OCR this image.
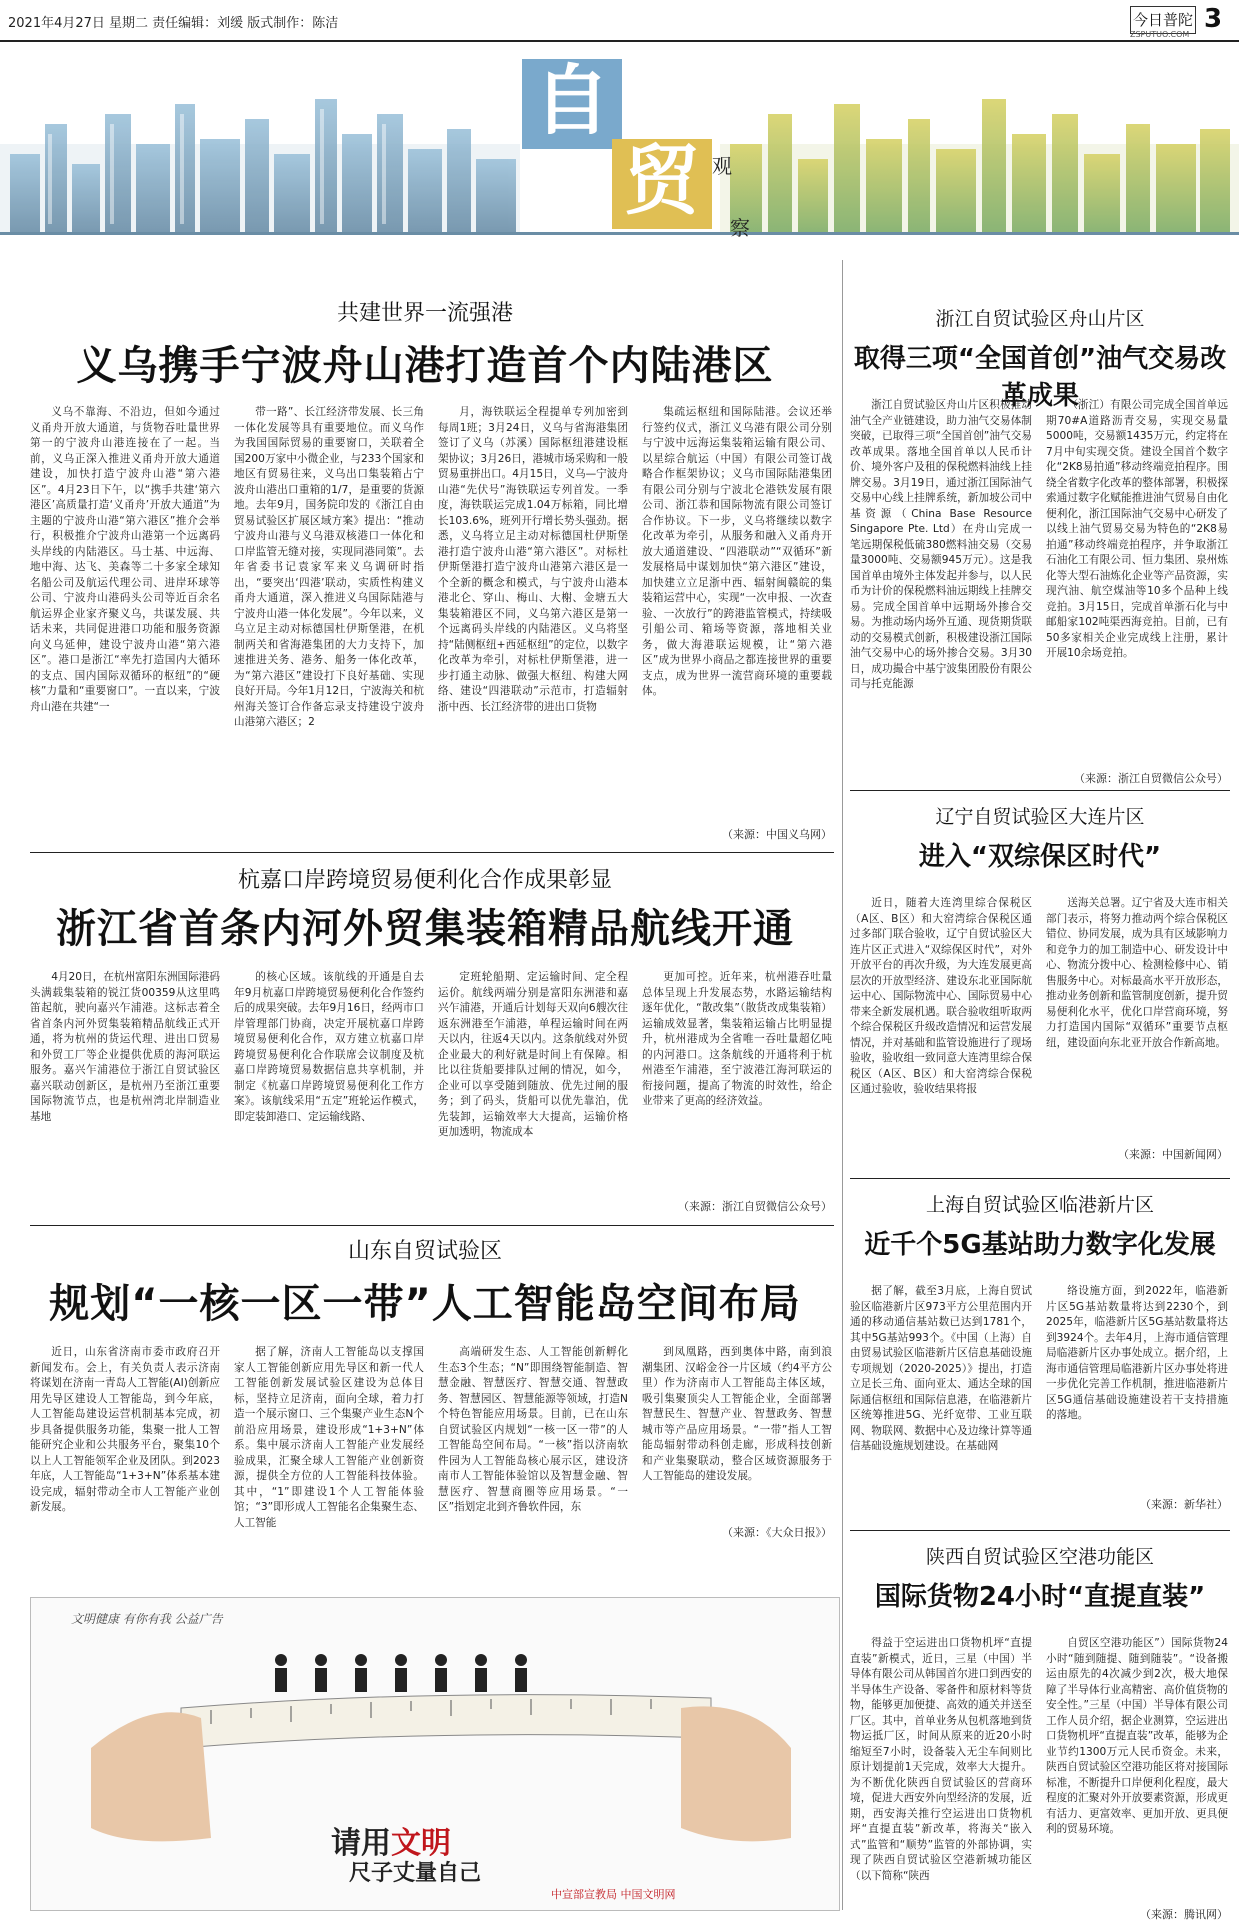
2021年4月27日 星期二 责任编辑：刘缓 版式制作：陈洁	今日普陀
ZSPUTUO.COM
3
自
贸 观
察
共建世界一流强港
义乌携手宁波舟山港打造首个内陆港区

义乌不靠海、不沿边，但如今通过义甬舟开放大通道，与货物吞吐量世界第一的宁波舟山港连接在了一起。当前，义乌正深入推进义甬舟开放大通道建设，加快打造宁波舟山港“第六港区”。4月23日下午，以“携手共建‘第六港区’高质量打造‘义甬舟’开放大通道”为主题的宁波舟山港“第六港区”推介会举行，积极推介宁波舟山港第一个远离码头岸线的内陆港区。马士基、中远海、地中海、达飞、美森等二十多家全球知名船公司及航运代理公司、进岸环球等公司、宁波舟山港码头公司等近百余名航运界企业家齐聚义乌，共谋发展、共话未来，共同促进港口功能和服务资源向义乌延伸，建设宁波舟山港“第六港区”。港口是浙江“率先打造国内大循环的支点、国内国际双循环的枢纽”的“硬核”力量和“重要窗口”。一直以来，宁波舟山港在共建“一

带一路”、长江经济带发展、长三角一体化发展等具有重要地位。而义乌作为我国国际贸易的重要窗口，关联着全国200万家中小微企业，与233个国家和地区有贸易往来，义乌出口集装箱占宁波舟山港出口重箱的1/7，是重要的货源地。去年9月，国务院印发的《浙江自由贸易试验区扩展区域方案》提出：“推动宁波舟山港与义乌港双核港口一体化和口岸监管无缝对接，实现同港同策”。去年省委书记袁家军来义乌调研时指出，“要突出‘四港’联动，实质性构建义甬舟大通道，深入推进义乌国际陆港与宁波舟山港一体化发展”。今年以来，义乌立足主动对标德国杜伊斯堡港，在机制两关和省海港集团的大力支持下，加速推进关务、港务、船务一体化改革，为“第六港区”建设打下良好基础、实现良好开局。今年1月12日，宁波海关和杭州海关签订合作备忘录支持建设宁波舟山港第六港区；2

月，海铁联运全程提单专列加密到每周1班；3月24日，义乌与省海港集团签订了义乌（苏溪）国际枢纽港建设框架协议；3月26日，港城市场采购和一般贸易重拼出口。4月15日，义乌—宁波舟山港“先伏号”海铁联运专列首发。一季度，海铁联运完成1.04万标箱，同比增长103.6%，班列开行增长势头强劲。据悉，义乌将立足主动对标德国杜伊斯堡港打造宁波舟山港“第六港区”。对标杜伊斯堡港打造宁波舟山港第六港区是一个全新的概念和模式，与宁波舟山港本港北仑、穿山、梅山、大榭、金塘五大集装箱港区不同，义乌第六港区是第一个远离码头岸线的内陆港区。义乌将坚持“陆侧枢纽+西延枢纽”的定位，以数字化改革为牵引，对标杜伊斯堡港，进一步打通主动脉、做强大枢纽、构建大网络、建设“四港联动”示范市，打造辐射浙中西、长江经济带的进出口货物

集疏运枢纽和国际陆港。会议还举行签约仪式，浙江义乌港有限公司分别与宁波中远海运集装箱运输有限公司、以星综合航运（中国）有限公司签订战略合作框架协议；义乌市国际陆港集团有限公司分别与宁波北仑港铁发展有限公司、浙江恭和国际物流有限公司签订合作协议。下一步，义乌将继续以数字化改革为牵引，从服务和融入义甬舟开放大通道建设、“四港联动”“双循环”新发展格局中谋划加快“第六港区”建设，加快建立立足浙中西、辐射闽赣皖的集装箱运营中心，实现“一次申报、一次查验、一次放行”的跨港监管模式，持续吸引船公司、箱场等资源，落地相关业务，做大海港联运规模，让“第六港区”成为世界小商品之都连接世界的重要支点，成为世界一流营商环境的重要载体。

（来源：中国义乌网）
杭嘉口岸跨境贸易便利化合作成果彰显
浙江省首条内河外贸集装箱精品航线开通

4月20日，在杭州富阳东洲国际港码头满载集装箱的锐江货00359从这里鸣笛起航，驶向嘉兴乍浦港。这标志着全省首条内河外贸集装箱精品航线正式开通，将为杭州的货运代理、进出口贸易和外贸工厂等企业提供优质的海河联运服务。嘉兴乍浦港位于浙江自贸试验区嘉兴联动创新区，是杭州乃至浙江重要国际物流节点，也是杭州湾北岸制造业基地

的核心区域。该航线的开通是自去年9月杭嘉口岸跨境贸易便利化合作签约后的成果突破。去年9月16日，经两市口岸管理部门协商，决定开展杭嘉口岸跨境贸易便利化合作，双方建立杭嘉口岸跨境贸易便利化合作联席会议制度及杭嘉口岸跨境贸易数据信息共享机制，并制定《杭嘉口岸跨境贸易便利化工作方案》。该航线采用“五定”班轮运作模式，即定装卸港口、定运输线路、

定班轮船期、定运输时间、定全程运价。航线两端分别是富阳东洲港和嘉兴乍浦港，开通后计划每天双向6艘次往返东洲港至乍浦港，单程运输时间在两天以内，往返4天以内。这条航线对外贸企业最大的利好就是时间上有保障。相比以往货船要排队过闸的情况，如今，企业可以享受随到随放、优先过闸的服务；到了码头，货船可以优先靠泊，优先装卸，运输效率大大提高，运输价格更加透明，物流成本

更加可控。近年来，杭州港吞吐量总体呈现上升发展态势，水路运输结构逐年优化，“散改集”（散货改成集装箱）运输成效显著，集装箱运输占比明显提升，杭州港成为全省唯一吞吐量超亿吨的内河港口。这条航线的开通将利于杭州港至乍浦港，至宁波港江海河联运的衔接问题，提高了物流的时效性，给企业带来了更高的经济效益。

（来源：浙江自贸微信公众号）
山东自贸试验区
规划“一核一区一带”人工智能岛空间布局

近日，山东省济南市委市政府召开新闻发布。会上，有关负责人表示济南将谋划在济南一青岛人工智能(AI)创新应用先导区建设人工智能岛，到今年底，人工智能岛建设运营机制基本完成，初步具备提供服务功能，集聚一批人工智能研究企业和公共服务平台，聚集10个以上人工智能领军企业及团队。到2023年底，人工智能岛“1+3+N”体系基本建设完成，辐射带动全市人工智能产业创新发展。

据了解，济南人工智能岛以支撑国家人工智能创新应用先导区和新一代人工智能创新发展试验区建设为总体目标，坚持立足济南，面向全球，着力打造一个展示窗口、三个集聚产业生态N个前沿应用场景，建设形成“1+3+N”体系。集中展示济南人工智能产业发展经验成果，汇聚全球人工智能产业创新资源，提供全方位的人工智能科技体验。其中，“1”即建设1个人工智能体验馆；“3”即形成人工智能名企集聚生态、人工智能

高端研发生态、人工智能创新孵化生态3个生态；“N”即围绕智能制造、智慧金融、智慧医疗、智慧交通、智慧政务、智慧园区、智慧能源等领域，打造N个特色智能应用场景。目前，已在山东自贸试验区内规划“一核一区一带”的人工智能岛空间布局。“一核”指以济南软件园为人工智能岛核心展示区，建设济南市人工智能体验馆以及智慧金融、智慧医疗、智慧商圈等应用场景。“一区”指划定北到齐鲁软件园，东

到凤凰路，西到奥体中路，南到浪潮集团、汉峪金谷一片区域（约4平方公里）作为济南市人工智能岛主体区域，吸引集聚顶尖人工智能企业，全面部署智慧民生、智慧产业、智慧政务、智慧城市等产品应用场景。“一带”指人工智能岛辐射带动科创走廊，形成科技创新和产业集聚联动，整合区域资源服务于人工智能岛的建设发展。

（来源：《大众日报》）
文明健康 有你有我 公益广告
请用文明
尺子丈量自己
中宣部宣教局 中国文明网
浙江自贸试验区舟山片区
取得三项“全国首创”油气交易改革成果

浙江自贸试验区舟山片区积极推动油气全产业链建设，助力油气交易体制突破，已取得三项“全国首创”油气交易改革成果。落地全国首单以人民币计价、境外客户及租的保税燃料油线上挂牌交易。3月19日，通过浙江国际油气交易中心线上挂牌系统，新加坡公司中基资源（China Base Resource Singapore Pte. Ltd）在舟山完成一笔远期保税低硫380燃料油交易（交易量3000吨、交易额945万元）。这是我国首单由境外主体发起并参与，以人民币为计价的保税燃料油远期线上挂牌交易。完成全国首单中远期场外掺合交易。为推动场内场外互通、现货期货联动的交易模式创新，积极建设浙江国际油气交易中心的场外掺合交易。3月30日，成功撮合中基宁波集团股份有限公司与托克能源

（浙江）有限公司完成全国首单远期70#A道路沥青交易，实现交易量5000吨，交易额1435万元，约定将在7月中旬实现交货。建设全国首个数字化“2K8易拍通”移动终端竞拍程序。围绕全省数字化改革的整体部署，积极探索通过数字化赋能推进油气贸易自由化便利化，浙江国际油气交易中心研发了以线上油气贸易交易为特色的“2K8易拍通”移动终端竞拍程序，并争取浙江石油化工有限公司、恒力集团、泉州炼化等大型石油炼化企业等产品资源，实现汽油、航空煤油等10多个品种上线竞拍。3月15日，完成首单浙石化与中邮船家102吨渠西海竞拍。目前，已有50多家相关企业完成线上注册，累计开展10余场竞拍。

（来源：浙江自贸微信公众号）
辽宁自贸试验区大连片区
进入“双综保区时代”

近日，随着大连湾里综合保税区（A区、B区）和大窑湾综合保税区通过多部门联合验收，辽宁自贸试验区大连片区正式进入“双综保区时代”，对外开放平台的再次升级，为大连发展更高层次的开放型经济、建设东北亚国际航运中心、国际物流中心、国际贸易中心带来全新发展机遇。联合验收组听取两个综合保税区升级改造情况和运营发展情况，并对基础和监管设施进行了现场验收，验收组一致同意大连湾里综合保税区（A区、B区）和大窑湾综合保税区通过验收，验收结果将报

送海关总署。辽宁省及大连市相关部门表示，将努力推动两个综合保税区错位、协同发展，成为具有区域影响力和竞争力的加工制造中心、研发设计中心、物流分拨中心、检测检修中心、销售服务中心。对标最高水平开放形态，推动业务创新和监管制度创新，提升贸易便利化水平，优化口岸营商环境，努力打造国内国际“双循环”重要节点枢纽，建设面向东北亚开放合作新高地。

（来源：中国新闻网）
上海自贸试验区临港新片区
近千个5G基站助力数字化发展

据了解，截至3月底，上海自贸试验区临港新片区973平方公里范围内开通的移动通信基站数已达到1781个，其中5G基站993个。《中国（上海）自由贸易试验区临港新片区信息基础设施专项规划（2020-2025）》提出，打造立足长三角、面向亚太、通达全球的国际通信枢纽和国际信息港，在临港新片区统筹推进5G、光纤宽带、工业互联网、物联网、数据中心及边缘计算等通信基础设施规划建设。在基础网

络设施方面，到2022年，临港新片区5G基站数量将达到2230个，到2025年，临港新片区5G基站数量将达到3924个。去年4月，上海市通信管理局临港新片区办事处成立。据介绍，上海市通信管理局临港新片区办事处将进一步优化完善工作机制，推进临港新片区5G通信基础设施建设若干支持措施的落地。

（来源：新华社）
陕西自贸试验区空港功能区
国际货物24小时“直提直装”

得益于空运进出口货物机坪“直提直装”新模式，近日，三星（中国）半导体有限公司从韩国首尔进口到西安的半导体生产设备、零备件和原材料等货物，能够更加便捷、高效的通关并送至厂区。其中，首单业务从包机落地到货物运抵厂区，时间从原来的近20小时缩短至7小时，设备装入无尘车间则比原计划提前1天完成，效率大大提升。为不断优化陕西自贸试验区的营商环境，促进大西安外向型经济的发展，近期，西安海关推行空运进出口货物机坪“直提直装”新改革，将海关“嵌入式”监管和“顺势”监管的外部协调，实现了陕西自贸试验区空港新城功能区（以下简称“陕西

自贸区空港功能区”）国际货物24小时“随到随提、随到随装”。“设备搬运由原先的4次减少到2次，极大地保障了半导体行业高精密、高价值货物的安全性。”三星（中国）半导体有限公司工作人员介绍，据企业测算，空运进出口货物机坪“直提直装”改革，能够为企业节约1300万元人民币资金。未来，陕西自贸试验区空港功能区将对接国际标准，不断提升口岸便利化程度，最大程度的汇聚对外开放要素资源，形成更有活力、更富效率、更加开放、更具便利的贸易环境。

（来源：腾讯网）
